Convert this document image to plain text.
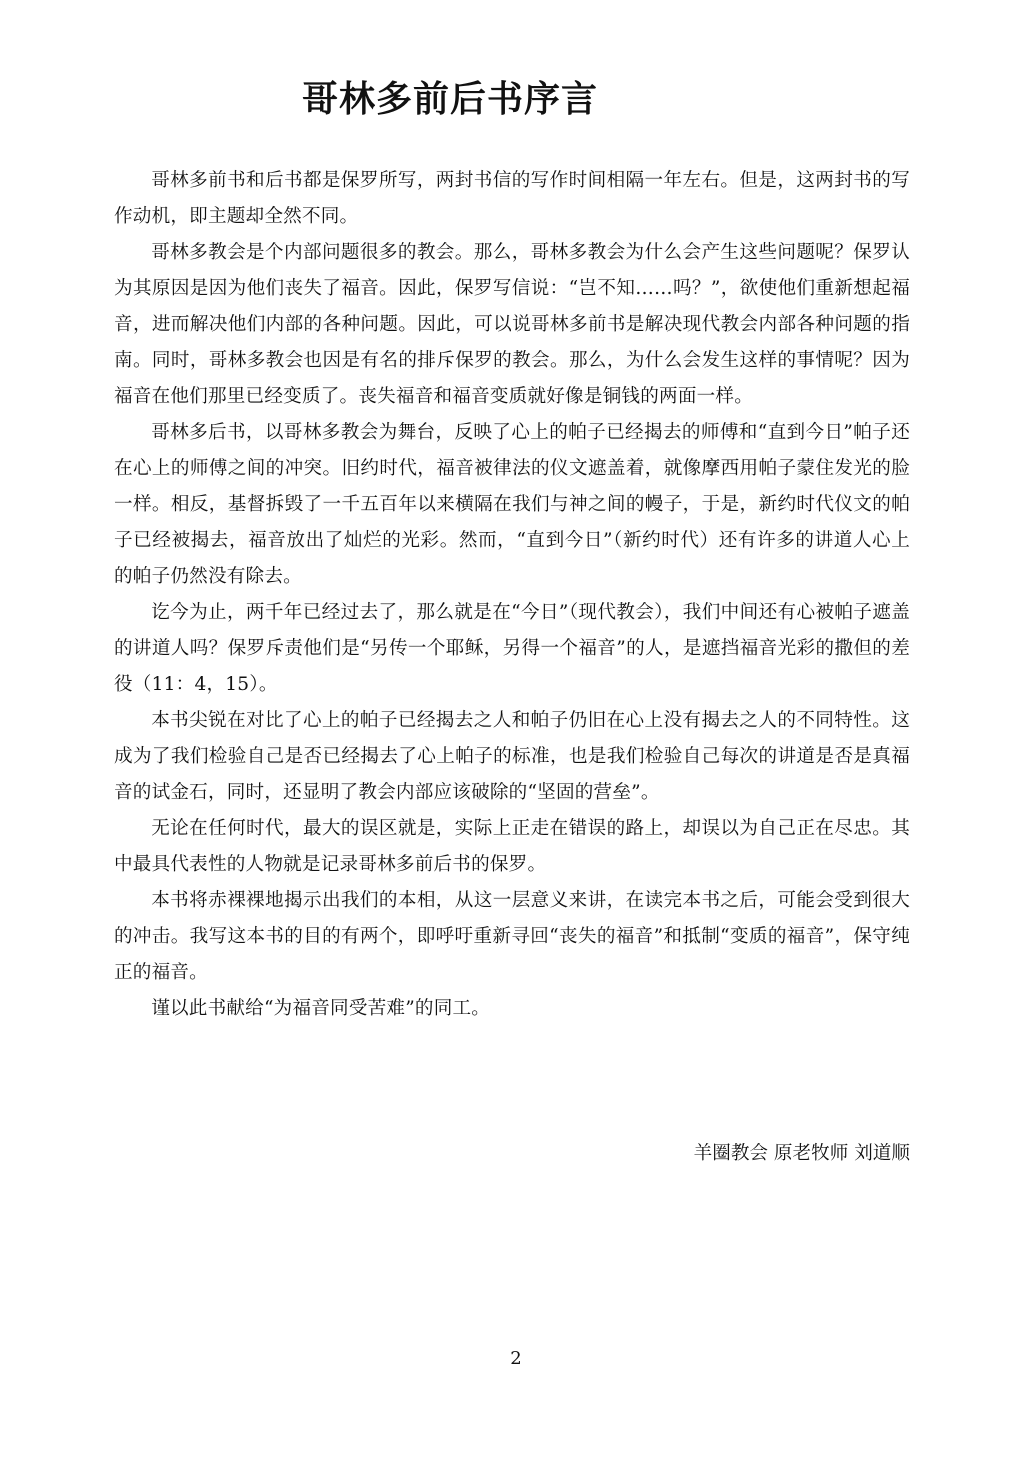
哥林多前后书序言

哥林多前书和后书都是保罗所写，两封书信的写作时间相隔一年左右。但是，这两封书的写作动机，即主题却全然不同。

哥林多教会是个内部问题很多的教会。那么，哥林多教会为什么会产生这些问题呢？保罗认为其原因是因为他们丧失了福音。因此，保罗写信说：“岂不知……吗？”，欲使他们重新想起福音，进而解决他们内部的各种问题。因此，可以说哥林多前书是解决现代教会内部各种问题的指南。同时，哥林多教会也因是有名的排斥保罗的教会。那么，为什么会发生这样的事情呢？因为福音在他们那里已经变质了。丧失福音和福音变质就好像是铜钱的两面一样。

哥林多后书，以哥林多教会为舞台，反映了心上的帕子已经揭去的师傅和“直到今日”帕子还在心上的师傅之间的冲突。旧约时代，福音被律法的仪文遮盖着，就像摩西用帕子蒙住发光的脸一样。相反，基督拆毁了一千五百年以来横隔在我们与神之间的幔子，于是，新约时代仪文的帕子已经被揭去，福音放出了灿烂的光彩。然而，“直到今日”（新约时代）还有许多的讲道人心上的帕子仍然没有除去。

讫今为止，两千年已经过去了，那么就是在“今日”（现代教会），我们中间还有心被帕子遮盖的讲道人吗？保罗斥责他们是“另传一个耶稣，另得一个福音”的人，是遮挡福音光彩的撒但的差役（11：4，15）。

本书尖锐在对比了心上的帕子已经揭去之人和帕子仍旧在心上没有揭去之人的不同特性。这成为了我们检验自己是否已经揭去了心上帕子的标准，也是我们检验自己每次的讲道是否是真福音的试金石，同时，还显明了教会内部应该破除的“坚固的营垒”。

无论在任何时代，最大的误区就是，实际上正走在错误的路上，却误以为自己正在尽忠。其中最具代表性的人物就是记录哥林多前后书的保罗。

本书将赤裸裸地揭示出我们的本相，从这一层意义来讲，在读完本书之后，可能会受到很大的冲击。我写这本书的目的有两个，即呼吁重新寻回“丧失的福音”和抵制“变质的福音”，保守纯正的福音。

谨以此书献给“为福音同受苦难”的同工。

羊圈教会 原老牧师 刘道顺

2
